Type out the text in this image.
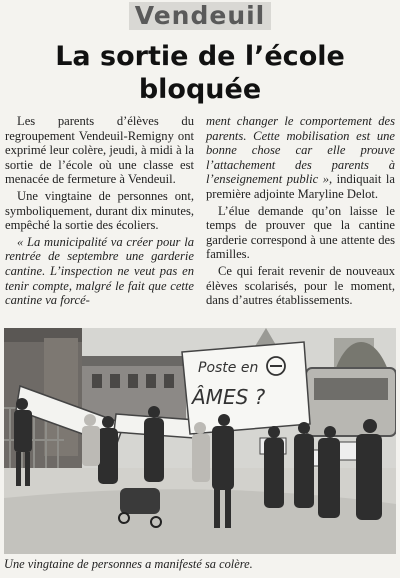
Vendeuil
La sortie de l’école
bloquée

Les parents d’élèves du regroupement Vendeuil-Remigny ont exprimé leur colère, jeudi, à midi à la sortie de l’école où une classe est menacée de fermeture à Vendeuil.

Une vingtaine de personnes ont, symboliquement, durant dix minutes, empêché la sortie des écoliers.

« La municipalité va créer pour la rentrée de septembre une garderie cantine. L’inspection ne veut pas en tenir compte, malgré le fait que cette cantine va forcé-

ment changer le comportement des parents. Cette mobilisation est une bonne chose car elle prouve l’attachement des parents à l’enseignement public », indiquait la première adjointe Maryline Delot.

L’élue demande qu’on laisse le temps de prouver que la cantine garderie correspond à une attente des familles.

Ce qui ferait revenir de nouveaux élèves scolarisés, pour le moment, dans d’autres établissements.

Poste en
ÂMES ?
Une vingtaine de personnes a manifesté sa colère.
